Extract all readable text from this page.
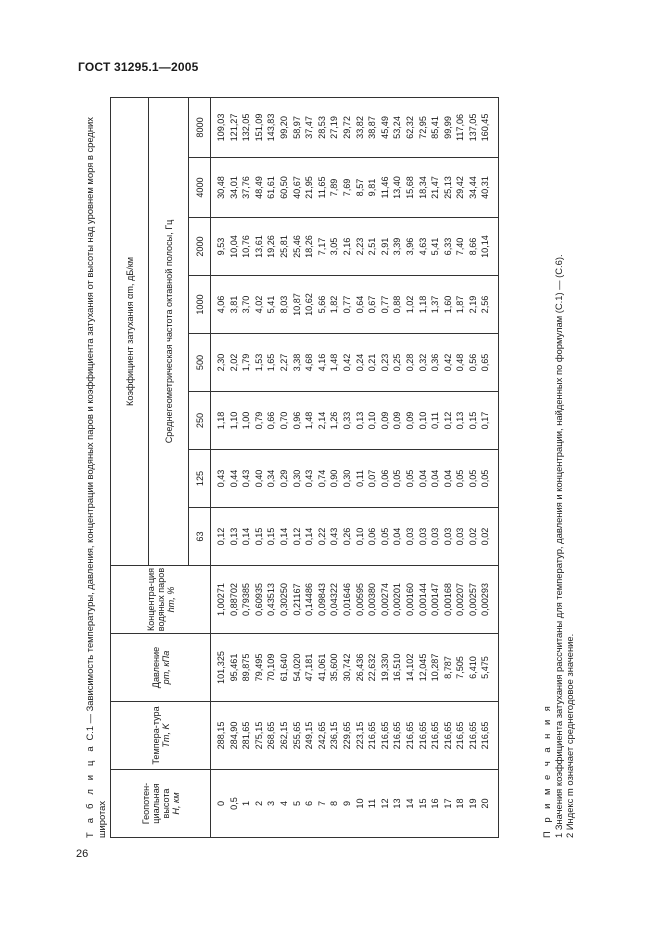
ГОСТ 31295.1—2005
Т а б л и ц а С.1 — Зависимость температуры, давления, концентрации водяных паров и коэффициента затухания от высоты над уровнем моря в средних широтах	Геопотен-циальная высота
H, км	Темпера-тура
Tm, K	Давление
pm, кПа	Концентра-ция водяных паров
hm, %	Коэффициент затухания αm, дБ/км							
				Среднегеометрическая частота октавной полосы, Гц							
				63	125	250	500	1000	2000	4000	8000
0	288,15	101,325	1,00271	0,12	0,43	1,18	2,30	4,06	9,53	30,48	109,03
0,5	284,90	95,461	0,88702	0,13	0,44	1,10	2,02	3,81	10,04	34,01	121,27
1	281,65	89,875	0,79385	0,14	0,43	1,00	1,79	3,70	10,76	37,76	132,05
2	275,15	79,495	0,60935	0,15	0,40	0,79	1,53	4,02	13,61	48,49	151,09
3	268,65	70,109	0,43513	0,15	0,34	0,66	1,65	5,41	19,26	61,61	143,83
4	262,15	61,640	0,30250	0,14	0,29	0,70	2,27	8,03	25,81	60,50	99,20
5	255,65	54,020	0,21167	0,12	0,30	0,96	3,38	10,87	25,46	40,67	58,97
6	249,15	47,181	0,14486	0,14	0,43	1,48	4,68	10,62	18,26	21,95	37,47
7	242,65	41,061	0,09843	0,22	0,74	2,14	4,16	5,66	7,17	11,65	28,53
8	236,15	35,600	0,04322	0,43	0,90	1,26	1,48	1,82	3,05	7,89	27,19
9	229,65	30,742	0,01646	0,26	0,30	0,33	0,42	0,77	2,16	7,69	29,72
10	223,15	26,436	0,00595	0,10	0,11	0,13	0,24	0,64	2,23	8,57	33,82
11	216,65	22,632	0,00380	0,06	0,07	0,10	0,21	0,67	2,51	9,81	38,87
12	216,65	19,330	0,00274	0,05	0,06	0,09	0,23	0,77	2,91	11,46	45,49
13	216,65	16,510	0,00201	0,04	0,05	0,09	0,25	0,88	3,39	13,40	53,24
14	216,65	14,102	0,00160	0,03	0,05	0,09	0,28	1,02	3,96	15,68	62,32
15	216,65	12,045	0,00144	0,03	0,04	0,10	0,32	1,18	4,63	18,34	72,95
16	216,65	10,287	0,00147	0,03	0,04	0,11	0,36	1,37	5,41	21,47	85,41
17	216,65	8,787	0,00168	0,03	0,04	0,12	0,42	1,60	6,33	25,13	99,99
18	216,65	7,505	0,00207	0,03	0,05	0,13	0,48	1,87	7,40	29,42	117,06
19	216,65	6,410	0,00257	0,02	0,05	0,15	0,56	2,19	8,66	34,44	137,05
20	216,65	5,475	0,00293	0,02	0,05	0,17	0,65	2,56	10,14	40,31	160,45
П р и м е ч а н и я 1 Значения коэффициента затухания рассчитаны для температур, давления и концентрации, найденных по формулам (С.1) — (С.6). 2 Индекс m означает среднегодовое значение.
26
